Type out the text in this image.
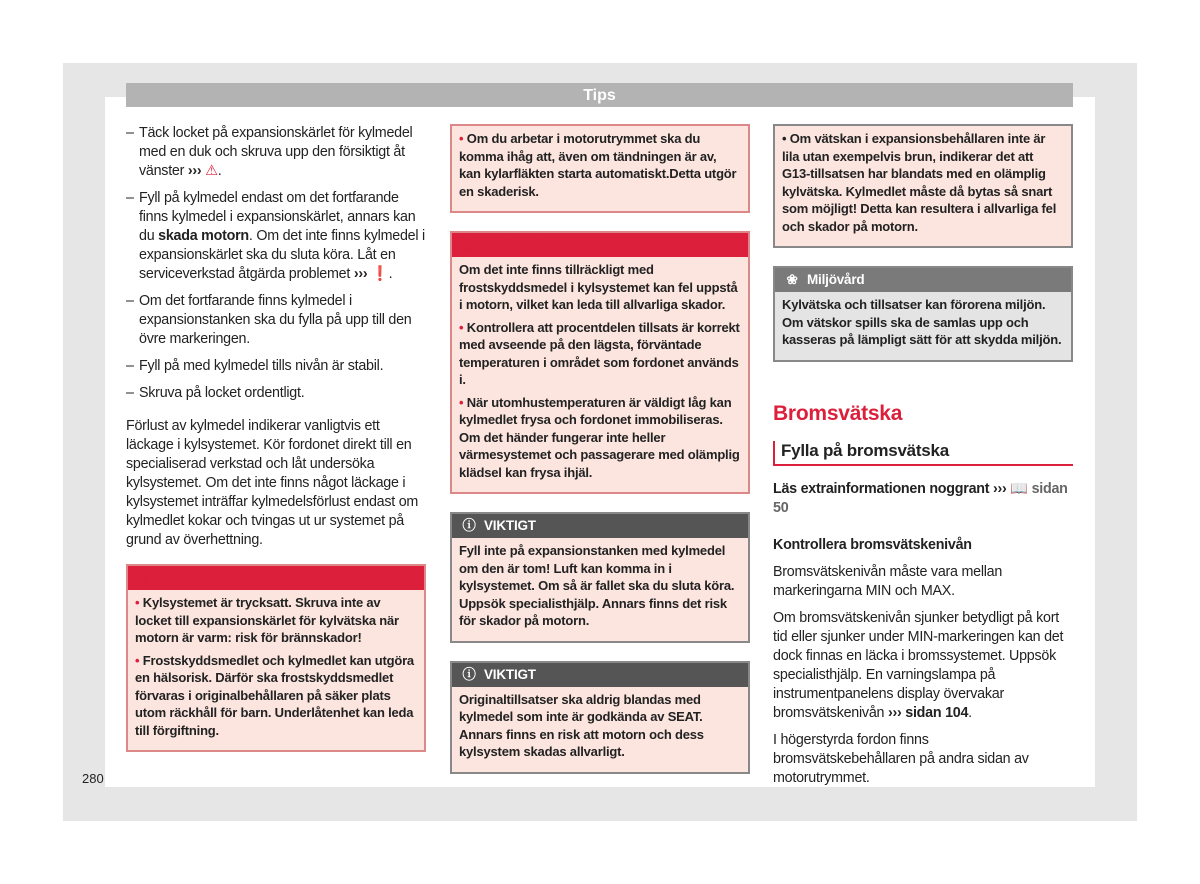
Tips
– Täck locket på expansionskärlet för kylmedel med en duk och skruva upp den försiktigt åt vänster ››› ⚠.
– Fyll på kylmedel endast om det fortfarande finns kylmedel i expansionskärlet, annars kan du skada motorn. Om det inte finns kylmedel i expansionskärlet ska du sluta köra. Låt en serviceverkstad åtgärda problemet ››› ❗.
– Om det fortfarande finns kylmedel i expansionstanken ska du fylla på upp till den övre markeringen.
– Fyll på med kylmedel tills nivån är stabil.
– Skruva på locket ordentligt.

Förlust av kylmedel indikerar vanligtvis ett läckage i kylsystemet. Kör fordonet direkt till en specialiserad verkstad och låt undersöka kylsystemet. Om det inte finns något läckage i kylsystemet inträffar kylmedelsförlust endast om kylmedlet kokar och tvingas ut ur systemet på grund av överhettning.

⚠ VARNING

• Kylsystemet är trycksatt. Skruva inte av locket till expansionskärlet för kylvätska när motorn är varm: risk för brännskador!

• Frostskyddsmedlet och kylmedlet kan utgöra en hälsorisk. Därför ska frostskyddsmedlet förvaras i originalbehållaren på säker plats utom räckhåll för barn. Underlåtenhet kan leda till förgiftning.

• Om du arbetar i motorutrymmet ska du komma ihåg att, även om tändningen är av, kan kylarfläkten starta automatiskt.Detta utgör en skaderisk.

⚠ VARNING

Om det inte finns tillräckligt med frostskyddsmedel i kylsystemet kan fel uppstå i motorn, vilket kan leda till allvarliga skador.

• Kontrollera att procentdelen tillsats är korrekt med avseende på den lägsta, förväntade temperaturen i området som fordonet används i.

• När utomhustemperaturen är väldigt låg kan kylmedlet frysa och fordonet immobiliseras. Om det händer fungerar inte heller värmesystemet och passagerare med olämplig klädsel kan frysa ihjäl.

ⓘ VIKTIGT

Fyll inte på expansionstanken med kylmedel om den är tom! Luft kan komma in i kylsystemet. Om så är fallet ska du sluta köra. Uppsök specialisthjälp. Annars finns det risk för skador på motorn.

ⓘ VIKTIGT

Originaltillsatser ska aldrig blandas med kylmedel som inte är godkända av SEAT. Annars finns en risk att motorn och dess kylsystem skadas allvarligt.

• Om vätskan i expansionsbehållaren inte är lila utan exempelvis brun, indikerar det att G13-tillsatsen har blandats med en olämplig kylvätska. Kylmedlet måste då bytas så snart som möjligt! Detta kan resultera i allvarliga fel och skador på motorn.

❀ Miljövård

Kylvätska och tillsatser kan förorena miljön. Om vätskor spills ska de samlas upp och kasseras på lämpligt sätt för att skydda miljön.

Bromsvätska
Fylla på bromsvätska

Läs extrainformationen noggrant ››› 📖 sidan 50

Kontrollera bromsvätskenivån

Bromsvätskenivån måste vara mellan markeringarna MIN och MAX.

Om bromsvätskenivån sjunker betydligt på kort tid eller sjunker under MIN-markeringen kan det dock finnas en läcka i bromssystemet. Uppsök specialisthjälp. En varningslampa på instrumentpanelens display övervakar bromsvätskenivån ››› sidan 104.

I högerstyrda fordon finns bromsvätskebehållaren på andra sidan av motorutrymmet.

280
